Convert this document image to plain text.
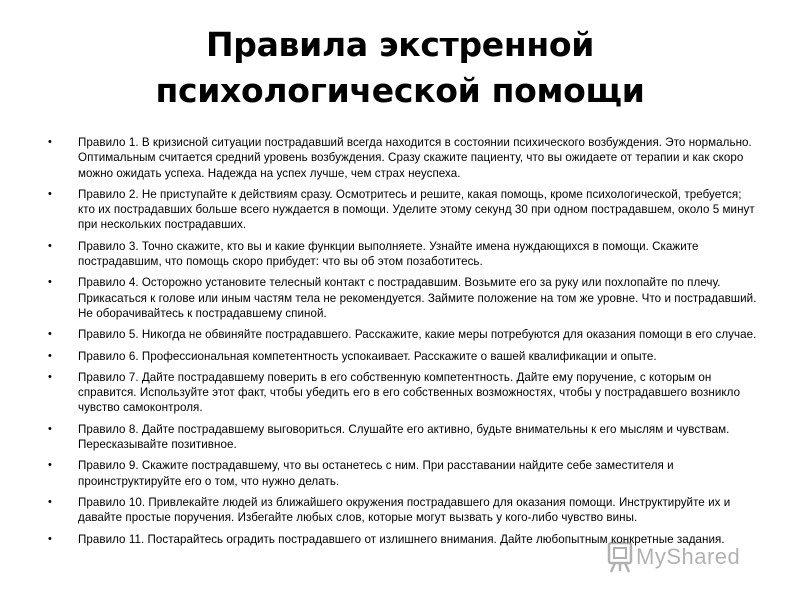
Правила экстренной
психологической помощи
• Правило 1. В кризисной ситуации пострадавший всегда находится в состоянии психического возбуждения. Это нормально. Оптимальным считается средний уровень возбуждения. Сразу скажите пациенту, что вы ожидаете от терапии и как скоро можно ожидать успеха. Надежда на успех лучше, чем страх неуспеха.
• Правило 2. Не приступайте к действиям сразу. Осмотритесь и решите, какая помощь, кроме психологической, требуется; кто их пострадавших больше всего нуждается в помощи. Уделите этому секунд 30 при одном пострадавшем, около 5 минут при нескольких пострадавших.
• Правило 3. Точно скажите, кто вы и какие функции выполняете. Узнайте имена нуждающихся в помощи. Скажите пострадавшим, что помощь скоро прибудет: что вы об этом позаботитесь.
• Правило 4. Осторожно установите телесный контакт с пострадавшим. Возьмите его за руку или похлопайте по плечу. Прикасаться к голове или иным частям тела не рекомендуется. Займите положение на том же уровне. Что и пострадавший. Не оборачивайтесь к пострадавшему спиной.
• Правило 5. Никогда не обвиняйте пострадавшего. Расскажите, какие меры потребуются для оказания помощи в его случае.
• Правило 6. Профессиональная компетентность успокаивает. Расскажите о вашей квалификации и опыте.
• Правило 7. Дайте пострадавшему поверить в его собственную компетентность. Дайте ему поручение, с которым он справится. Используйте этот факт, чтобы убедить его в его собственных возможностях, чтобы у пострадавшего возникло чувство самоконтроля.
• Правило 8. Дайте пострадавшему выговориться. Слушайте его активно, будьте внимательны к его мыслям и чувствам. Пересказывайте позитивное.
• Правило 9. Скажите пострадавшему, что вы останетесь с ним. При расставании найдите себе заместителя и проинструктируйте его о том, что нужно делать.
• Правило 10. Привлекайте людей из ближайшего окружения пострадавшего для оказания помощи. Инструктируйте их и давайте простые поручения. Избегайте любых слов, которые могут вызвать у кого-либо чувство вины.
• Правило 11. Постарайтесь оградить пострадавшего от излишнего внимания. Дайте любопытным конкретные задания.
MyShared
